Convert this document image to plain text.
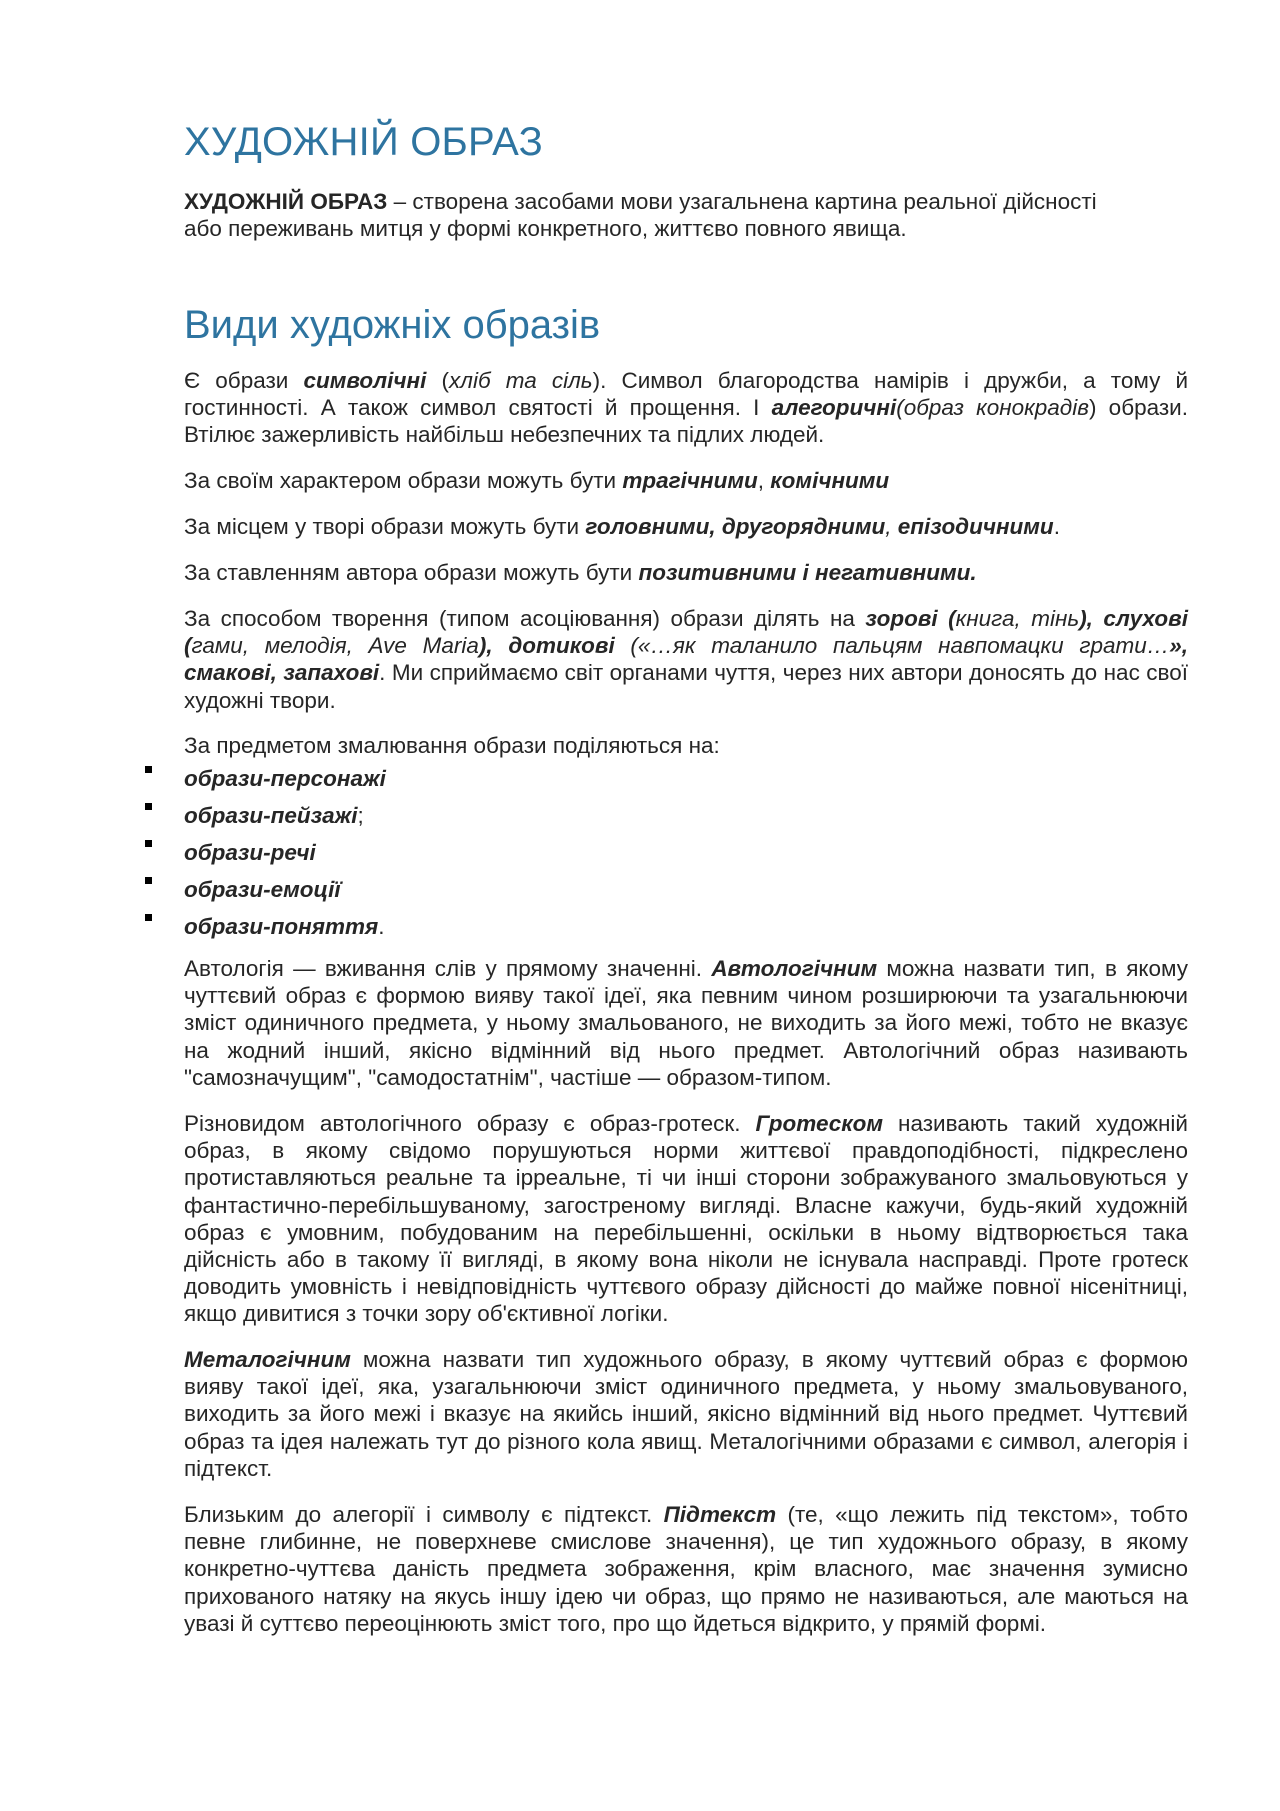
ХУДОЖНІЙ ОБРАЗ

ХУДОЖНІЙ ОБРАЗ – створена засобами мови узагальнена картина реальної дійсності
або переживань митця у формі конкретного, життєво повного явища.

Види художніх образів

Є образи символічні (хліб та сіль). Символ благородства намірів і дружби, а тому й гостинності. А також символ святості й прощення. І алегоричні(образ конокрадів) образи. Втілює зажерливість найбільш небезпечних та підлих людей.

За своїм характером образи можуть бути трагічними, комічними

За місцем у творі образи можуть бути головними, другорядними, епізодичними.

За ставленням автора образи можуть бути позитивними і негативними.

За способом творення (типом асоціювання) образи ділять на зорові (книга, тінь), слухові (гами, мелодія, Ave Maria), дотикові («…як таланило пальцям навпомацки грати…», смакові, запахові. Ми сприймаємо світ органами чуття, через них автори доносять до нас свої художні твори.

За предметом змалювання образи поділяються на:

образи-персонажі
образи-пейзажі;
образи-речі
образи-емоції
образи-поняття.

Автологія — вживання слів у прямому значенні. Автологічним можна назвати тип, в якому чуттєвий образ є формою вияву такої ідеї, яка певним чином розширюючи та узагальнюючи зміст одиничного предмета, у ньому змальованого, не виходить за його межі, тобто не вказує на жодний інший, якісно відмінний від нього предмет. Автологічний образ називають "самозначущим", "самодостатнім", частіше — образом-типом.

Різновидом автологічного образу є образ-гротеск. Гротеском називають такий художній образ, в якому свідомо порушуються норми життєвої правдоподібності, підкреслено протиставляються реальне та ірреальне, ті чи інші сторони зображуваного змальовуються у фантастично-перебільшуваному, загостреному вигляді. Власне кажучи, будь-який художній образ є умовним, побудованим на перебільшенні, оскільки в ньому відтворюється така дійсність або в такому її вигляді, в якому вона ніколи не існувала насправді. Проте гротеск доводить умовність і невідповідність чуттєвого образу дійсності до майже повної нісенітниці, якщо дивитися з точки зору об'єктивної логіки.

Металогічним можна назвати тип художнього образу, в якому чуттєвий образ є формою вияву такої ідеї, яка, узагальнюючи зміст одиничного предмета, у ньому змальовуваного, виходить за його межі і вказує на якийсь інший, якісно відмінний від нього предмет. Чуттєвий образ та ідея належать тут до різного кола явищ. Металогічними образами є символ, алегорія і підтекст.

Близьким до алегорії і символу є підтекст. Підтекст (те, «що лежить під текстом», тобто певне глибинне, не поверхневе смислове значення), це тип художнього образу, в якому конкретно-чуттєва даність предмета зображення, крім власного, має значення зумисно прихованого натяку на якусь іншу ідею чи образ, що прямо не називаються, але маються на увазі й суттєво переоцінюють зміст того, про що йдеться відкрито, у прямій формі.
